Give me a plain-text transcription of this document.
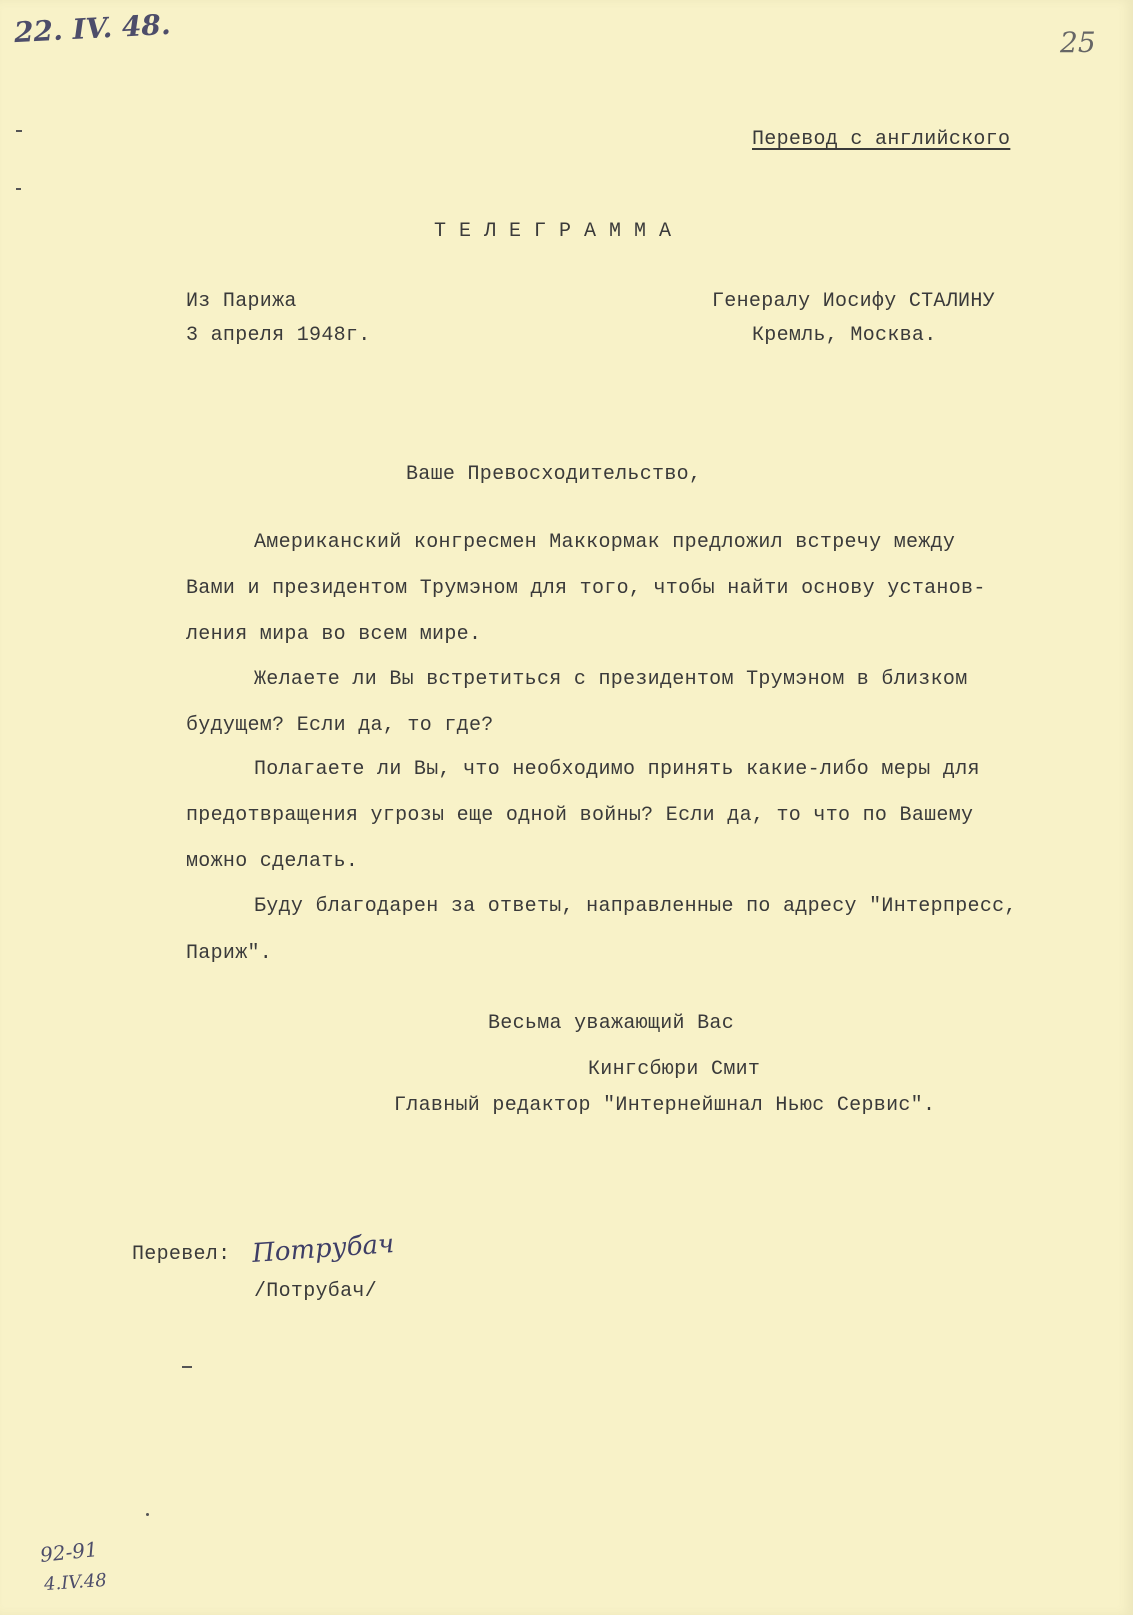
22. IV. 48.	25
Перевод с английского
ТЕЛЕГРАММА
Из Парижа
3 апреля 1948г.
Генералу Иосифу СТАЛИНУ
Кремль, Москва.
Ваше Превосходительство,
Американский конгресмен Маккормак предложил встречу между
Вами и президентом Трумэном для того, чтобы найти основу установ-
ления мира во всем мире.
Желаете ли Вы встретиться с президентом Трумэном в близком
будущем? Если да, то где?
Полагаете ли Вы, что необходимо принять какие-либо меры для
предотвращения угрозы еще одной войны? Если да, то что по Вашему
можно сделать.
Буду благодарен за ответы, направленные по адресу "Интерпресс,
Париж".
Весьма уважающий Вас
Кингсбюри Смит
Главный редактор "Интернейшнал Ньюс Сервис".
Перевел: Потрубач
/Потрубач/
92-91
4.IV.48
